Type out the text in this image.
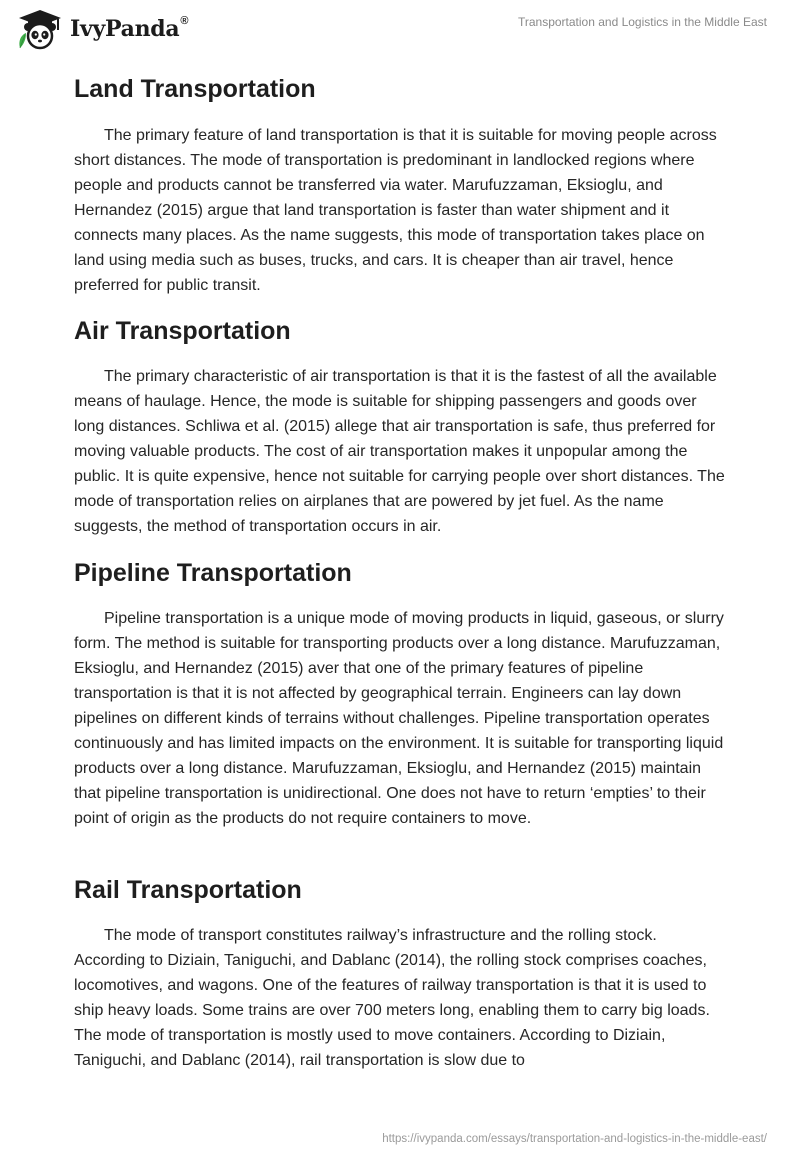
IvyPanda®	Transportation and Logistics in the Middle East
Land Transportation

The primary feature of land transportation is that it is suitable for moving people across short distances. The mode of transportation is predominant in landlocked regions where people and products cannot be transferred via water. Marufuzzaman, Eksioglu, and Hernandez (2015) argue that land transportation is faster than water shipment and it connects many places. As the name suggests, this mode of transportation takes place on land using media such as buses, trucks, and cars. It is cheaper than air travel, hence preferred for public transit.

Air Transportation

The primary characteristic of air transportation is that it is the fastest of all the available means of haulage. Hence, the mode is suitable for shipping passengers and goods over long distances. Schliwa et al. (2015) allege that air transportation is safe, thus preferred for moving valuable products. The cost of air transportation makes it unpopular among the public. It is quite expensive, hence not suitable for carrying people over short distances. The mode of transportation relies on airplanes that are powered by jet fuel. As the name suggests, the method of transportation occurs in air.

Pipeline Transportation

Pipeline transportation is a unique mode of moving products in liquid, gaseous, or slurry form. The method is suitable for transporting products over a long distance. Marufuzzaman, Eksioglu, and Hernandez (2015) aver that one of the primary features of pipeline transportation is that it is not affected by geographical terrain. Engineers can lay down pipelines on different kinds of terrains without challenges. Pipeline transportation operates continuously and has limited impacts on the environment. It is suitable for transporting liquid products over a long distance. Marufuzzaman, Eksioglu, and Hernandez (2015) maintain that pipeline transportation is unidirectional. One does not have to return ‘empties’ to their point of origin as the products do not require containers to move.

Rail Transportation

The mode of transport constitutes railway’s infrastructure and the rolling stock. According to Diziain, Taniguchi, and Dablanc (2014), the rolling stock comprises coaches, locomotives, and wagons. One of the features of railway transportation is that it is used to ship heavy loads. Some trains are over 700 meters long, enabling them to carry big loads. The mode of transportation is mostly used to move containers. According to Diziain, Taniguchi, and Dablanc (2014), rail transportation is slow due to

https://ivypanda.com/essays/transportation-and-logistics-in-the-middle-east/
